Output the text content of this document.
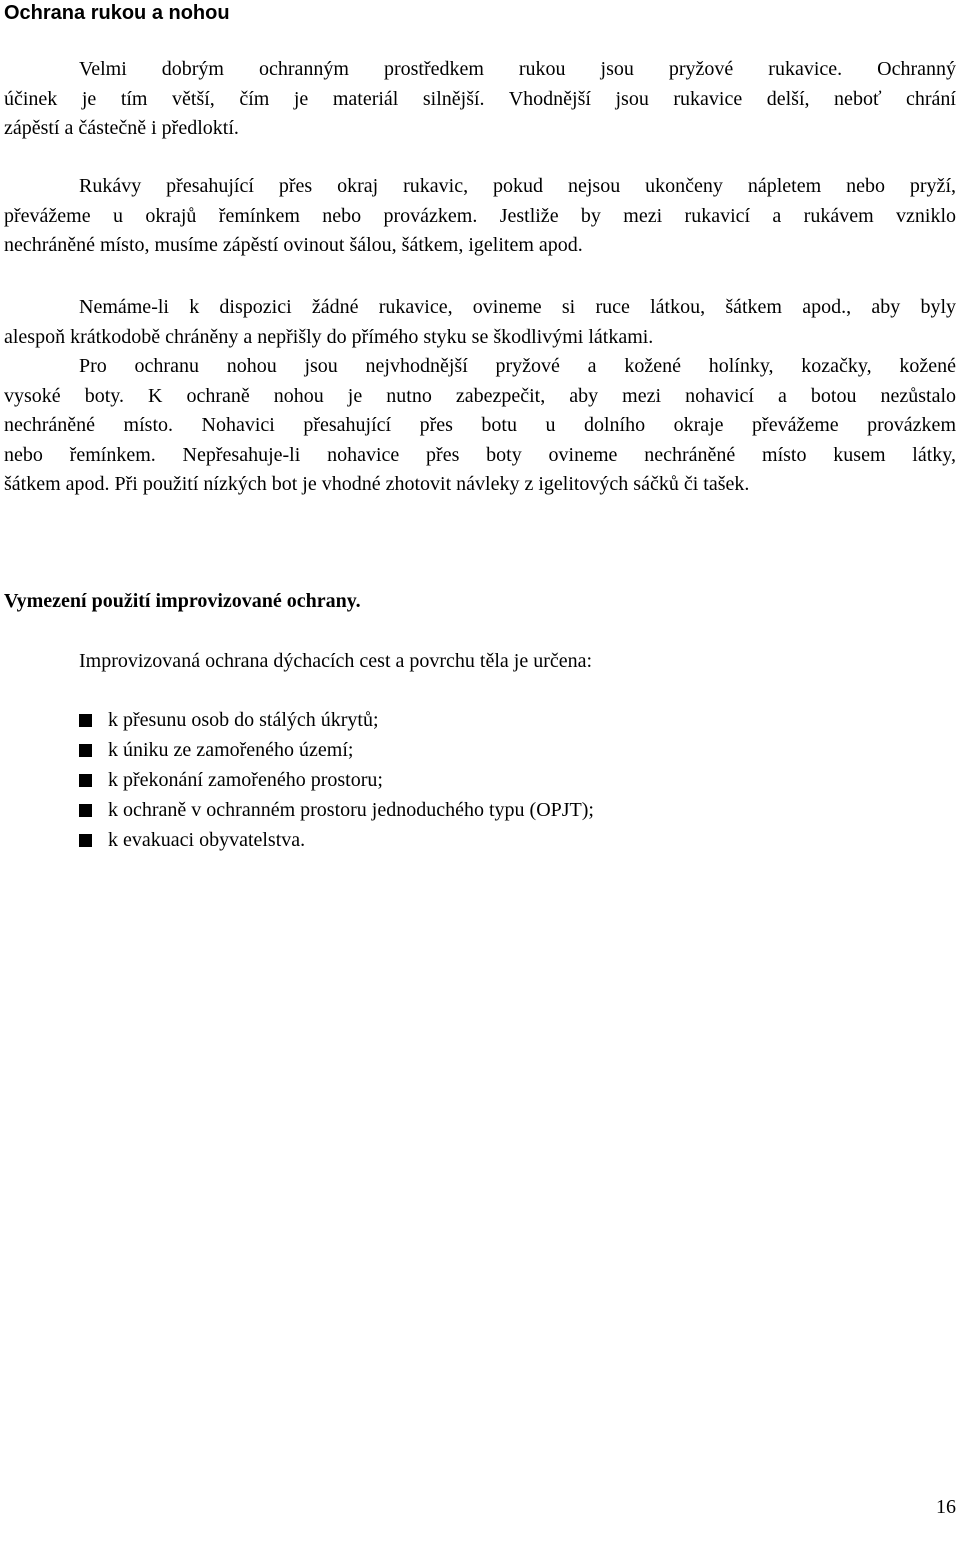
Ochrana rukou a nohou
Velmi dobrým ochranným prostředkem rukou jsou pryžové rukavice. Ochranný
účinek je tím větší, čím je materiál silnější. Vhodnější jsou rukavice delší, neboť chrání
zápěstí a částečně i předloktí.
Rukávy přesahující přes okraj rukavic, pokud nejsou ukončeny nápletem nebo pryží,
převážeme u okrajů řemínkem nebo provázkem. Jestliže by mezi rukavicí a rukávem vzniklo
nechráněné místo, musíme zápěstí ovinout šálou, šátkem, igelitem apod.
Nemáme-li k dispozici žádné rukavice, ovineme si ruce látkou, šátkem apod., aby byly
alespoň krátkodobě chráněny a nepřišly do přímého styku se škodlivými látkami.
Pro ochranu nohou jsou nejvhodnější pryžové a kožené holínky, kozačky, kožené
vysoké boty. K ochraně nohou je nutno zabezpečit, aby mezi nohavicí a botou nezůstalo
nechráněné místo. Nohavici přesahující přes botu u dolního okraje převážeme provázkem
nebo řemínkem. Nepřesahuje-li nohavice přes boty ovineme nechráněné místo kusem látky,
šátkem apod. Při použití nízkých bot je vhodné zhotovit návleky z igelitových sáčků či tašek.
Vymezení použití improvizované ochrany.

Improvizovaná ochrana dýchacích cest a povrchu těla je určena:

k přesunu osob do stálých úkrytů;
k úniku ze zamořeného území;
k překonání zamořeného prostoru;
k ochraně v ochranném prostoru jednoduchého typu (OPJT);
k evakuaci obyvatelstva.
16
